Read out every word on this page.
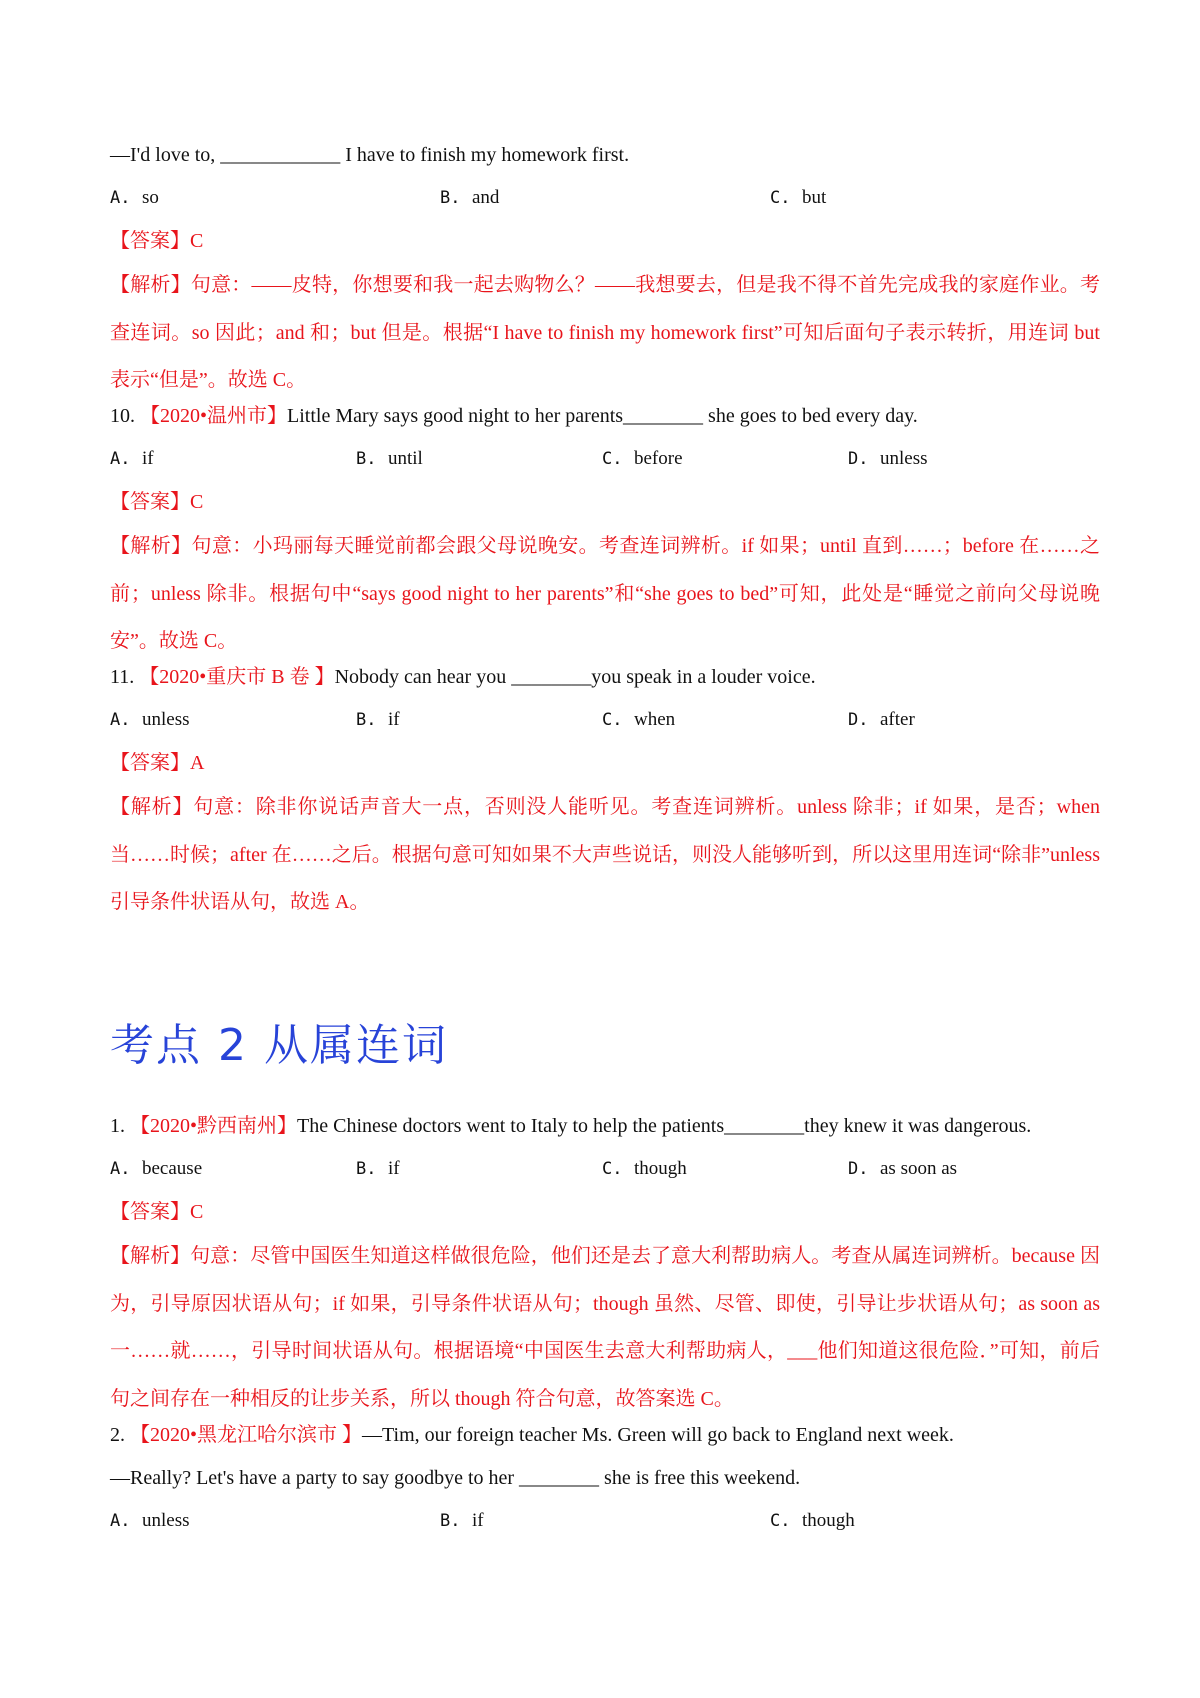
—I'd love to, ____________ I have to finish my homework first.
A. so	B. and	C. but
【答案】C
【解析】句意：——皮特，你想要和我一起去购物么？——我想要去，但是我不得不首先完成我的家庭作业。考查连词。so 因此；and 和；but 但是。根据“I have to finish my homework first”可知后面句子表示转折，用连词 but 表示“但是”。故选 C。
10. 【2020•温州市】Little Mary says good night to her parents________ she goes to bed every day.
A. if	B. until	C. before	D. unless
【答案】C
【解析】句意：小玛丽每天睡觉前都会跟父母说晚安。考查连词辨析。if 如果；until 直到……；before 在……之前；unless 除非。根据句中“says good night to her parents”和“she goes to bed”可知，此处是“睡觉之前向父母说晚安”。故选 C。
11. 【2020•重庆市 B 卷 】Nobody can hear you ________you speak in a louder voice.
A. unless	B. if	C. when	D. after
【答案】A
【解析】句意：除非你说话声音大一点，否则没人能听见。考查连词辨析。unless 除非；if 如果，是否；when 当……时候；after 在……之后。根据句意可知如果不大声些说话，则没人能够听到，所以这里用连词“除非”unless 引导条件状语从句，故选 A。
考点 2 从属连词
1. 【2020•黔西南州】The Chinese doctors went to Italy to help the patients________they knew it was dangerous.
A. because	B. if	C. though	D. as soon as
【答案】C
【解析】句意：尽管中国医生知道这样做很危险，他们还是去了意大利帮助病人。考查从属连词辨析。because 因为，引导原因状语从句；if 如果，引导条件状语从句；though 虽然、尽管、即使，引导让步状语从句；as soon as 一……就……，引导时间状语从句。根据语境“中国医生去意大利帮助病人，___他们知道这很危险．”可知，前后句之间存在一种相反的让步关系，所以 though 符合句意，故答案选 C。
2. 【2020•黑龙江哈尔滨市 】—Tim, our foreign teacher Ms. Green will go back to England next week.
—Really? Let's have a party to say goodbye to her ________ she is free this weekend.
A. unless	B. if	C. though
